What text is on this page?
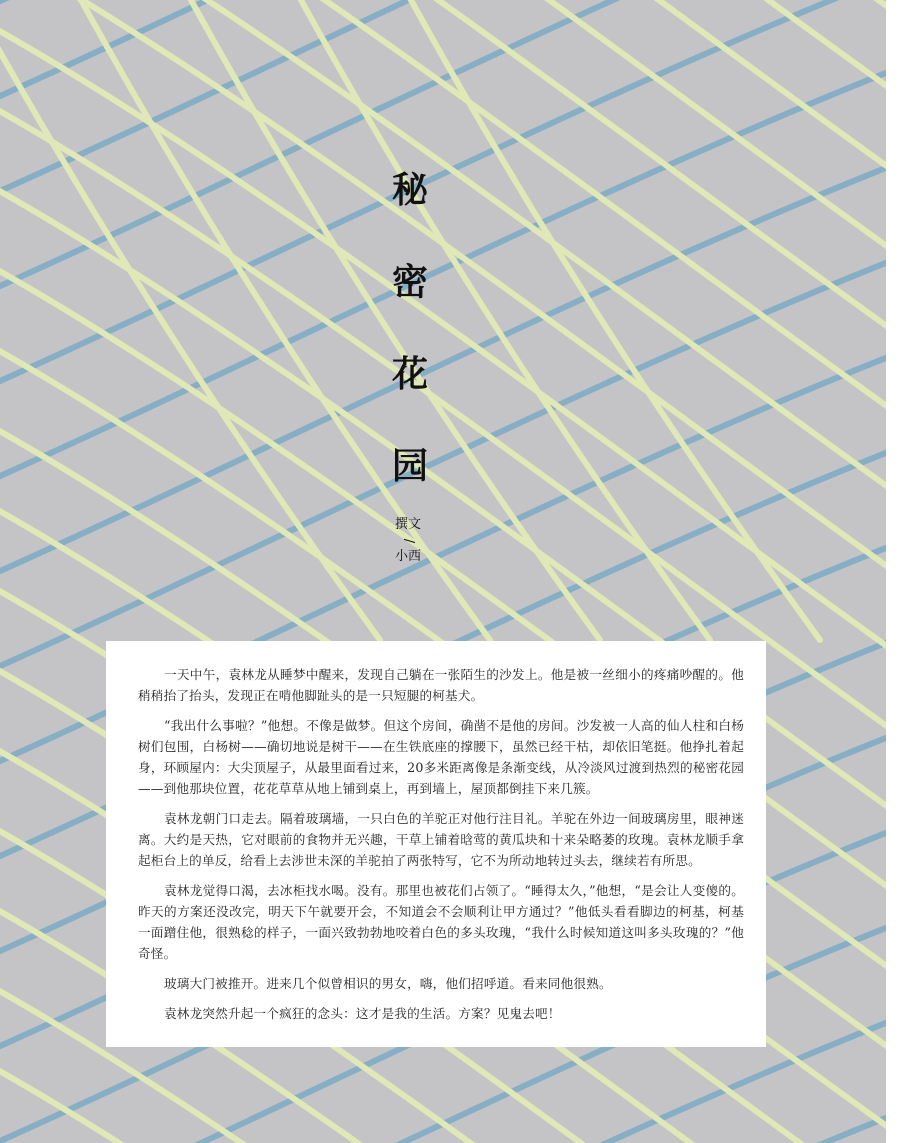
秘
密
花
园
撰文
/
小西

一天中午，袁林龙从睡梦中醒来，发现自己躺在一张陌生的沙发上。他是被一丝细小的疼痛吵醒的。他稍稍抬了抬头，发现正在啃他脚趾头的是一只短腿的柯基犬。

“我出什么事啦？”他想。不像是做梦。但这个房间，确凿不是他的房间。沙发被一人高的仙人柱和白杨树们包围，白杨树——确切地说是树干——在生铁底座的撑腰下，虽然已经干枯，却依旧笔挺。他挣扎着起身，环顾屋内：大尖顶屋子，从最里面看过来，20多米距离像是条渐变线，从冷淡风过渡到热烈的秘密花园——到他那块位置，花花草草从地上铺到桌上，再到墙上，屋顶都倒挂下来几簇。

袁林龙朝门口走去。隔着玻璃墙，一只白色的羊驼正对他行注目礼。羊驼在外边一间玻璃房里，眼神迷离。大约是天热，它对眼前的食物并无兴趣，干草上铺着晗莺的黄瓜块和十来朵略萎的玫瑰。袁林龙顺手拿起柜台上的单反，给看上去涉世未深的羊驼拍了两张特写，它不为所动地转过头去，继续若有所思。

袁林龙觉得口渴，去冰柜找水喝。没有。那里也被花们占领了。“睡得太久，”他想，“是会让人变傻的。昨天的方案还没改完，明天下午就要开会，不知道会不会顺利让甲方通过？”他低头看看脚边的柯基，柯基一面蹭住他，很熟稔的样子，一面兴致勃勃地咬着白色的多头玫瑰，“我什么时候知道这叫多头玫瑰的？”他奇怪。

玻璃大门被推开。进来几个似曾相识的男女，嗨，他们招呼道。看来同他很熟。

袁林龙突然升起一个疯狂的念头：这才是我的生活。方案？见鬼去吧！
